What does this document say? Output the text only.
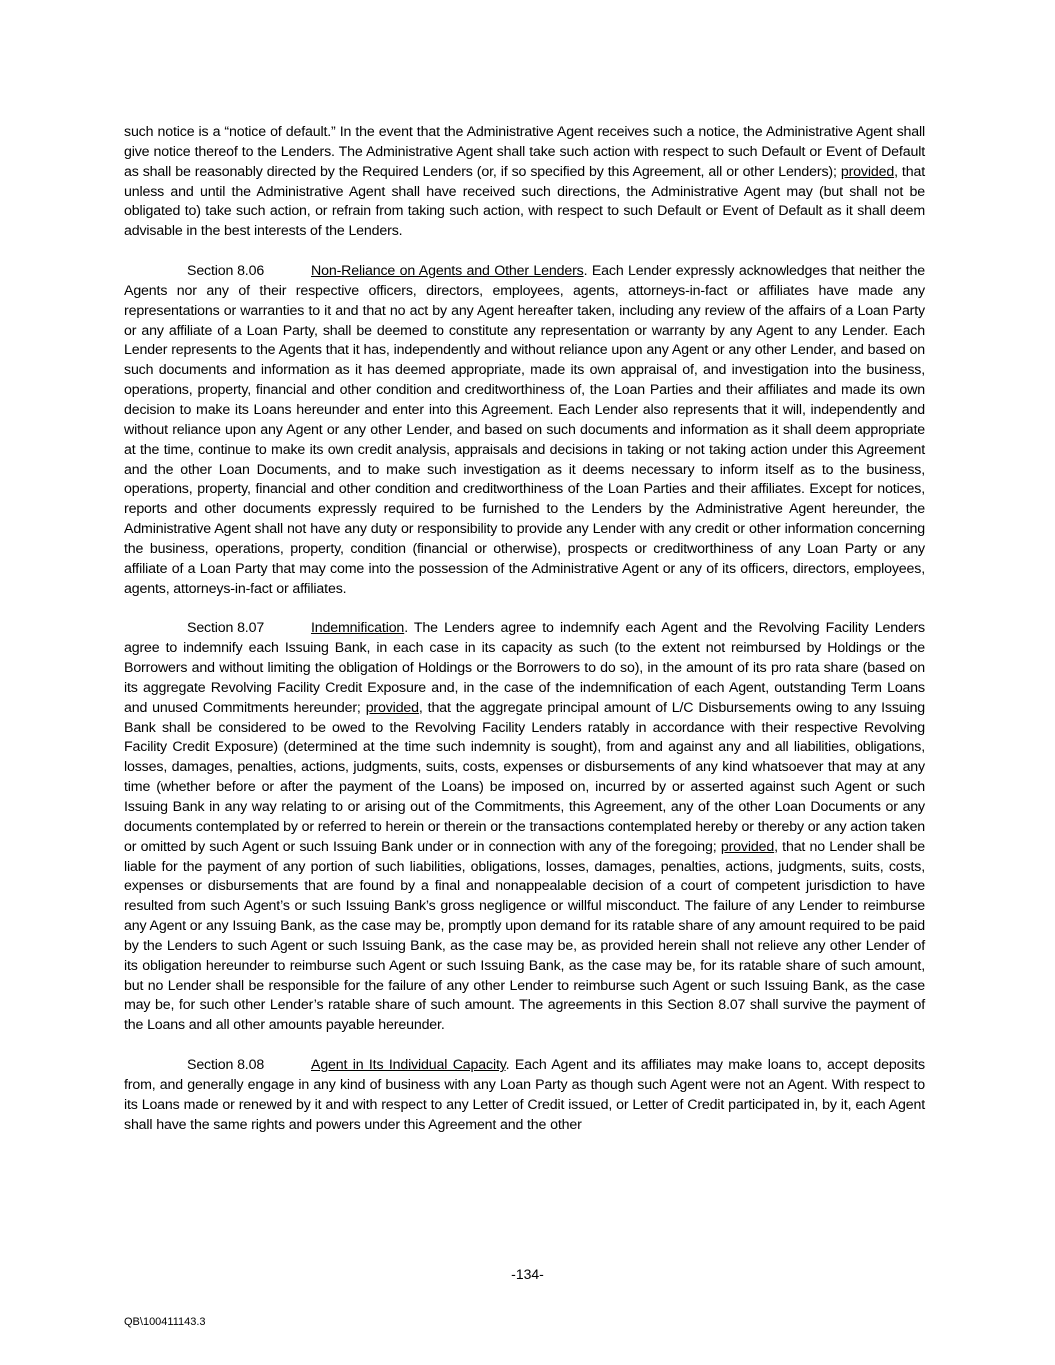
such notice is a “notice of default.” In the event that the Administrative Agent receives such a notice, the Administrative Agent shall give notice thereof to the Lenders. The Administrative Agent shall take such action with respect to such Default or Event of Default as shall be reasonably directed by the Required Lenders (or, if so specified by this Agreement, all or other Lenders); provided, that unless and until the Administrative Agent shall have received such directions, the Administrative Agent may (but shall not be obligated to) take such action, or refrain from taking such action, with respect to such Default or Event of Default as it shall deem advisable in the best interests of the Lenders.

Section 8.06	Non-Reliance on Agents and Other Lenders. Each Lender expressly acknowledges that neither the Agents nor any of their respective officers, directors, employees, agents, attorneys-in-fact or affiliates have made any representations or warranties to it and that no act by any Agent hereafter taken, including any review of the affairs of a Loan Party or any affiliate of a Loan Party, shall be deemed to constitute any representation or warranty by any Agent to any Lender. Each Lender represents to the Agents that it has, independently and without reliance upon any Agent or any other Lender, and based on such documents and information as it has deemed appropriate, made its own appraisal of, and investigation into the business, operations, property, financial and other condition and creditworthiness of, the Loan Parties and their affiliates and made its own decision to make its Loans hereunder and enter into this Agreement. Each Lender also represents that it will, independently and without reliance upon any Agent or any other Lender, and based on such documents and information as it shall deem appropriate at the time, continue to make its own credit analysis, appraisals and decisions in taking or not taking action under this Agreement and the other Loan Documents, and to make such investigation as it deems necessary to inform itself as to the business, operations, property, financial and other condition and creditworthiness of the Loan Parties and their affiliates. Except for notices, reports and other documents expressly required to be furnished to the Lenders by the Administrative Agent hereunder, the Administrative Agent shall not have any duty or responsibility to provide any Lender with any credit or other information concerning the business, operations, property, condition (financial or otherwise), prospects or creditworthiness of any Loan Party or any affiliate of a Loan Party that may come into the possession of the Administrative Agent or any of its officers, directors, employees, agents, attorneys-in-fact or affiliates.

Section 8.07	Indemnification. The Lenders agree to indemnify each Agent and the Revolving Facility Lenders agree to indemnify each Issuing Bank, in each case in its capacity as such (to the extent not reimbursed by Holdings or the Borrowers and without limiting the obligation of Holdings or the Borrowers to do so), in the amount of its pro rata share (based on its aggregate Revolving Facility Credit Exposure and, in the case of the indemnification of each Agent, outstanding Term Loans and unused Commitments hereunder; provided, that the aggregate principal amount of L/C Disbursements owing to any Issuing Bank shall be considered to be owed to the Revolving Facility Lenders ratably in accordance with their respective Revolving Facility Credit Exposure) (determined at the time such indemnity is sought), from and against any and all liabilities, obligations, losses, damages, penalties, actions, judgments, suits, costs, expenses or disbursements of any kind whatsoever that may at any time (whether before or after the payment of the Loans) be imposed on, incurred by or asserted against such Agent or such Issuing Bank in any way relating to or arising out of the Commitments, this Agreement, any of the other Loan Documents or any documents contemplated by or referred to herein or therein or the transactions contemplated hereby or thereby or any action taken or omitted by such Agent or such Issuing Bank under or in connection with any of the foregoing; provided, that no Lender shall be liable for the payment of any portion of such liabilities, obligations, losses, damages, penalties, actions, judgments, suits, costs, expenses or disbursements that are found by a final and nonappealable decision of a court of competent jurisdiction to have resulted from such Agent’s or such Issuing Bank’s gross negligence or willful misconduct. The failure of any Lender to reimburse any Agent or any Issuing Bank, as the case may be, promptly upon demand for its ratable share of any amount required to be paid by the Lenders to such Agent or such Issuing Bank, as the case may be, as provided herein shall not relieve any other Lender of its obligation hereunder to reimburse such Agent or such Issuing Bank, as the case may be, for its ratable share of such amount, but no Lender shall be responsible for the failure of any other Lender to reimburse such Agent or such Issuing Bank, as the case may be, for such other Lender’s ratable share of such amount. The agreements in this Section 8.07 shall survive the payment of the Loans and all other amounts payable hereunder.

Section 8.08	Agent in Its Individual Capacity. Each Agent and its affiliates may make loans to, accept deposits from, and generally engage in any kind of business with any Loan Party as though such Agent were not an Agent. With respect to its Loans made or renewed by it and with respect to any Letter of Credit issued, or Letter of Credit participated in, by it, each Agent shall have the same rights and powers under this Agreement and the other

-134-
QB\100411143.3
